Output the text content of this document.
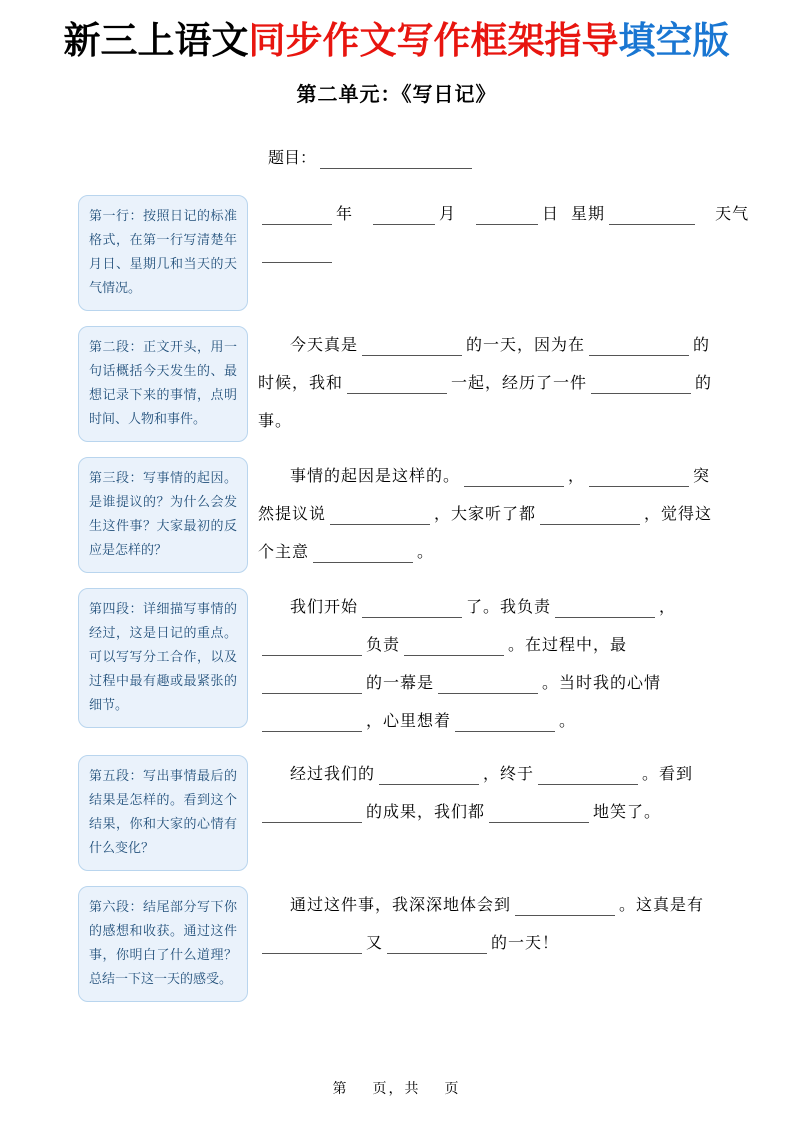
新三上语文同步作文写作框架指导填空版
第二单元：《写日记》
题目：
第一行：按照日记的标准格式，在第一行写清楚年月日、星期几和当天的天气情况。
年	月	日 星期	天气
第二段：正文开头，用一句话概括今天发生的、最想记录下来的事情，点明时间、人物和事件。
今天真是	的一天，因为在	的
时候，我和	一起，经历了一件	的
事。
第三段：写事情的起因。是谁提议的？为什么会发生这件事？大家最初的反应是怎样的？
事情的起因是这样的。	，	突
然提议说	，大家听了都	，觉得这
个主意	。
第四段：详细描写事情的经过，这是日记的重点。可以写写分工合作，以及过程中最有趣或最紧张的细节。
我们开始	了。我负责	，
负责	。在过程中，最
的一幕是	。当时我的心情
，心里想着	。
第五段：写出事情最后的结果是怎样的。看到这个结果，你和大家的心情有什么变化？
经过我们的	，终于	。看到
的成果，我们都	地笑了。
第六段：结尾部分写下你的感想和收获。通过这件事，你明白了什么道理？总结一下这一天的感受。
通过这件事，我深深地体会到	。这真是有
又	的一天！
第 页，共 页
